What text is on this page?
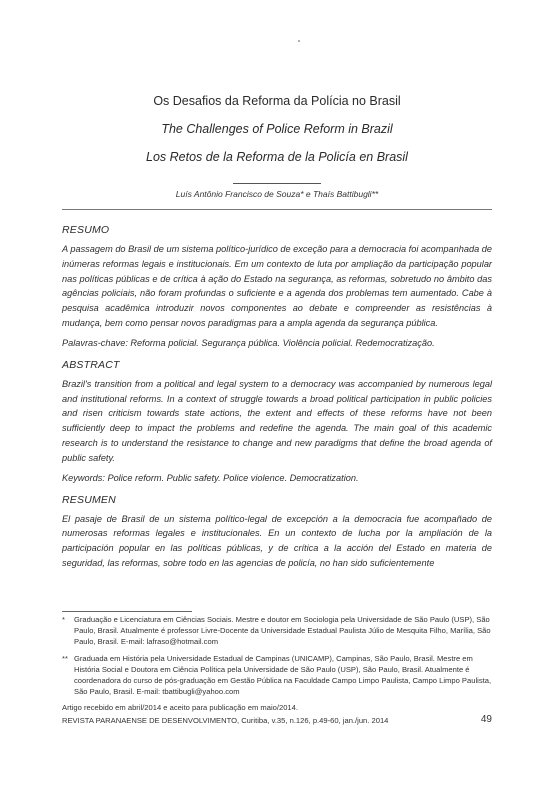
Os Desafios da Reforma da Polícia no Brasil

The Challenges of Police Reform in Brazil

Los Retos de la Reforma de la Policía en Brasil

Luís Antônio Francisco de Souza* e Thaís Battibugli**

RESUMO

A passagem do Brasil de um sistema político-jurídico de exceção para a democracia foi acompanhada de inúmeras reformas legais e institucionais. Em um contexto de luta por ampliação da participação popular nas políticas públicas e de crítica à ação do Estado na segurança, as reformas, sobretudo no âmbito das agências policiais, não foram profundas o suficiente e a agenda dos problemas tem aumentado. Cabe à pesquisa acadêmica introduzir novos componentes ao debate e compreender as resistências à mudança, bem como pensar novos paradigmas para a ampla agenda da segurança pública.

Palavras-chave: Reforma policial. Segurança pública. Violência policial. Redemocratização.

ABSTRACT

Brazil's transition from a political and legal system to a democracy was accompanied by numerous legal and institutional reforms. In a context of struggle towards a broad political participation in public policies and risen criticism towards state actions, the extent and effects of these reforms have not been sufficiently deep to impact the problems and redefine the agenda. The main goal of this academic research is to understand the resistance to change and new paradigms that define the broad agenda of public safety.

Keywords: Police reform. Public safety. Police violence. Democratization.

RESUMEN

El pasaje de Brasil de un sistema político-legal de excepción a la democracia fue acompañado de numerosas reformas legales e institucionales. En un contexto de lucha por la ampliación de la participación popular en las políticas públicas, y de crítica a la acción del Estado en materia de seguridad, las reformas, sobre todo en las agencias de policía, no han sido suficientemente

*	Graduação e Licenciatura em Ciências Sociais. Mestre e doutor em Sociologia pela Universidade de São Paulo (USP), São Paulo, Brasil. Atualmente é professor Livre-Docente da Universidade Estadual Paulista Júlio de Mesquita Filho, Marília, São Paulo, Brasil. E-mail: lafraso@hotmail.com
** Graduada em História pela Universidade Estadual de Campinas (UNICAMP), Campinas, São Paulo, Brasil. Mestre em História Social e Doutora em Ciência Política pela Universidade de São Paulo (USP), São Paulo, Brasil. Atualmente é coordenadora do curso de pós-graduação em Gestão Pública na Faculdade Campo Limpo Paulista, Campo Limpo Paulista, São Paulo, Brasil. E-mail: tbattibugli@yahoo.com
Artigo recebido em abril/2014 e aceito para publicação em maio/2014.
REVISTA PARANAENSE DE DESENVOLVIMENTO, Curitiba, v.35, n.126, p.49-60, jan./jun. 2014	49
